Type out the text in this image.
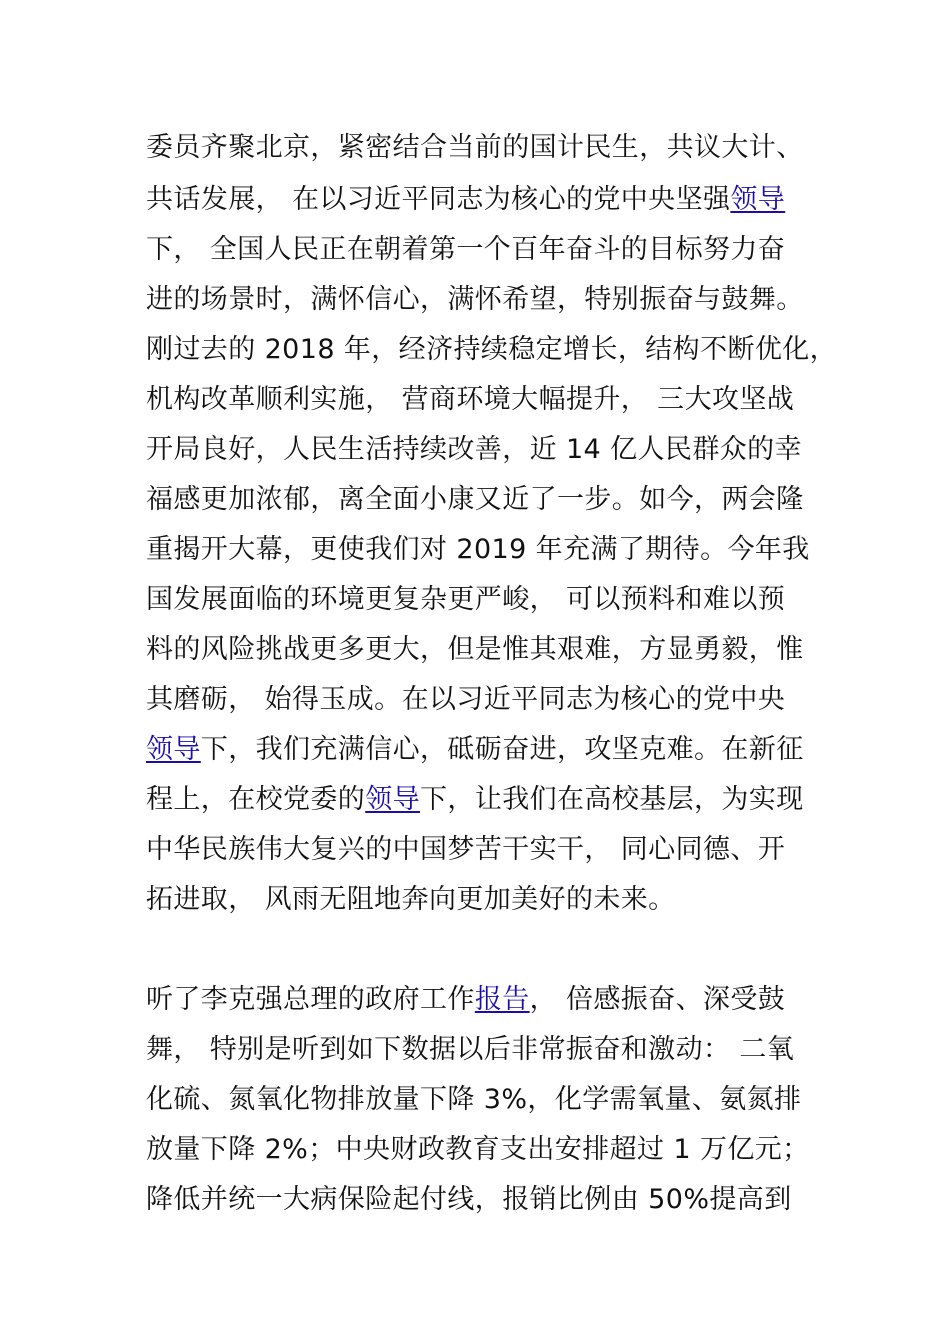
委员齐聚北京，紧密结合当前的国计民生，共议大计、
共话发展， 在以习近平同志为核心的党中央坚强领导
下， 全国人民正在朝着第一个百年奋斗的目标努力奋
进的场景时，满怀信心，满怀希望，特别振奋与鼓舞。
刚过去的 2018 年，经济持续稳定增长，结构不断优化，
机构改革顺利实施， 营商环境大幅提升， 三大攻坚战
开局良好，人民生活持续改善，近 14 亿人民群众的幸
福感更加浓郁，离全面小康又近了一步。如今，两会隆
重揭开大幕，更使我们对 2019 年充满了期待。今年我
国发展面临的环境更复杂更严峻， 可以预料和难以预
料的风险挑战更多更大，但是惟其艰难，方显勇毅，惟
其磨砺， 始得玉成。在以习近平同志为核心的党中央
领导下，我们充满信心，砥砺奋进，攻坚克难。在新征
程上，在校党委的领导下，让我们在高校基层，为实现
中华民族伟大复兴的中国梦苦干实干， 同心同德、开
拓进取， 风雨无阻地奔向更加美好的未来。
听了李克强总理的政府工作报告， 倍感振奋、深受鼓
舞， 特别是听到如下数据以后非常振奋和激动： 二氧
化硫、氮氧化物排放量下降 3%，化学需氧量、氨氮排
放量下降 2%；中央财政教育支出安排超过 1 万亿元；
降低并统一大病保险起付线，报销比例由 50%提高到
